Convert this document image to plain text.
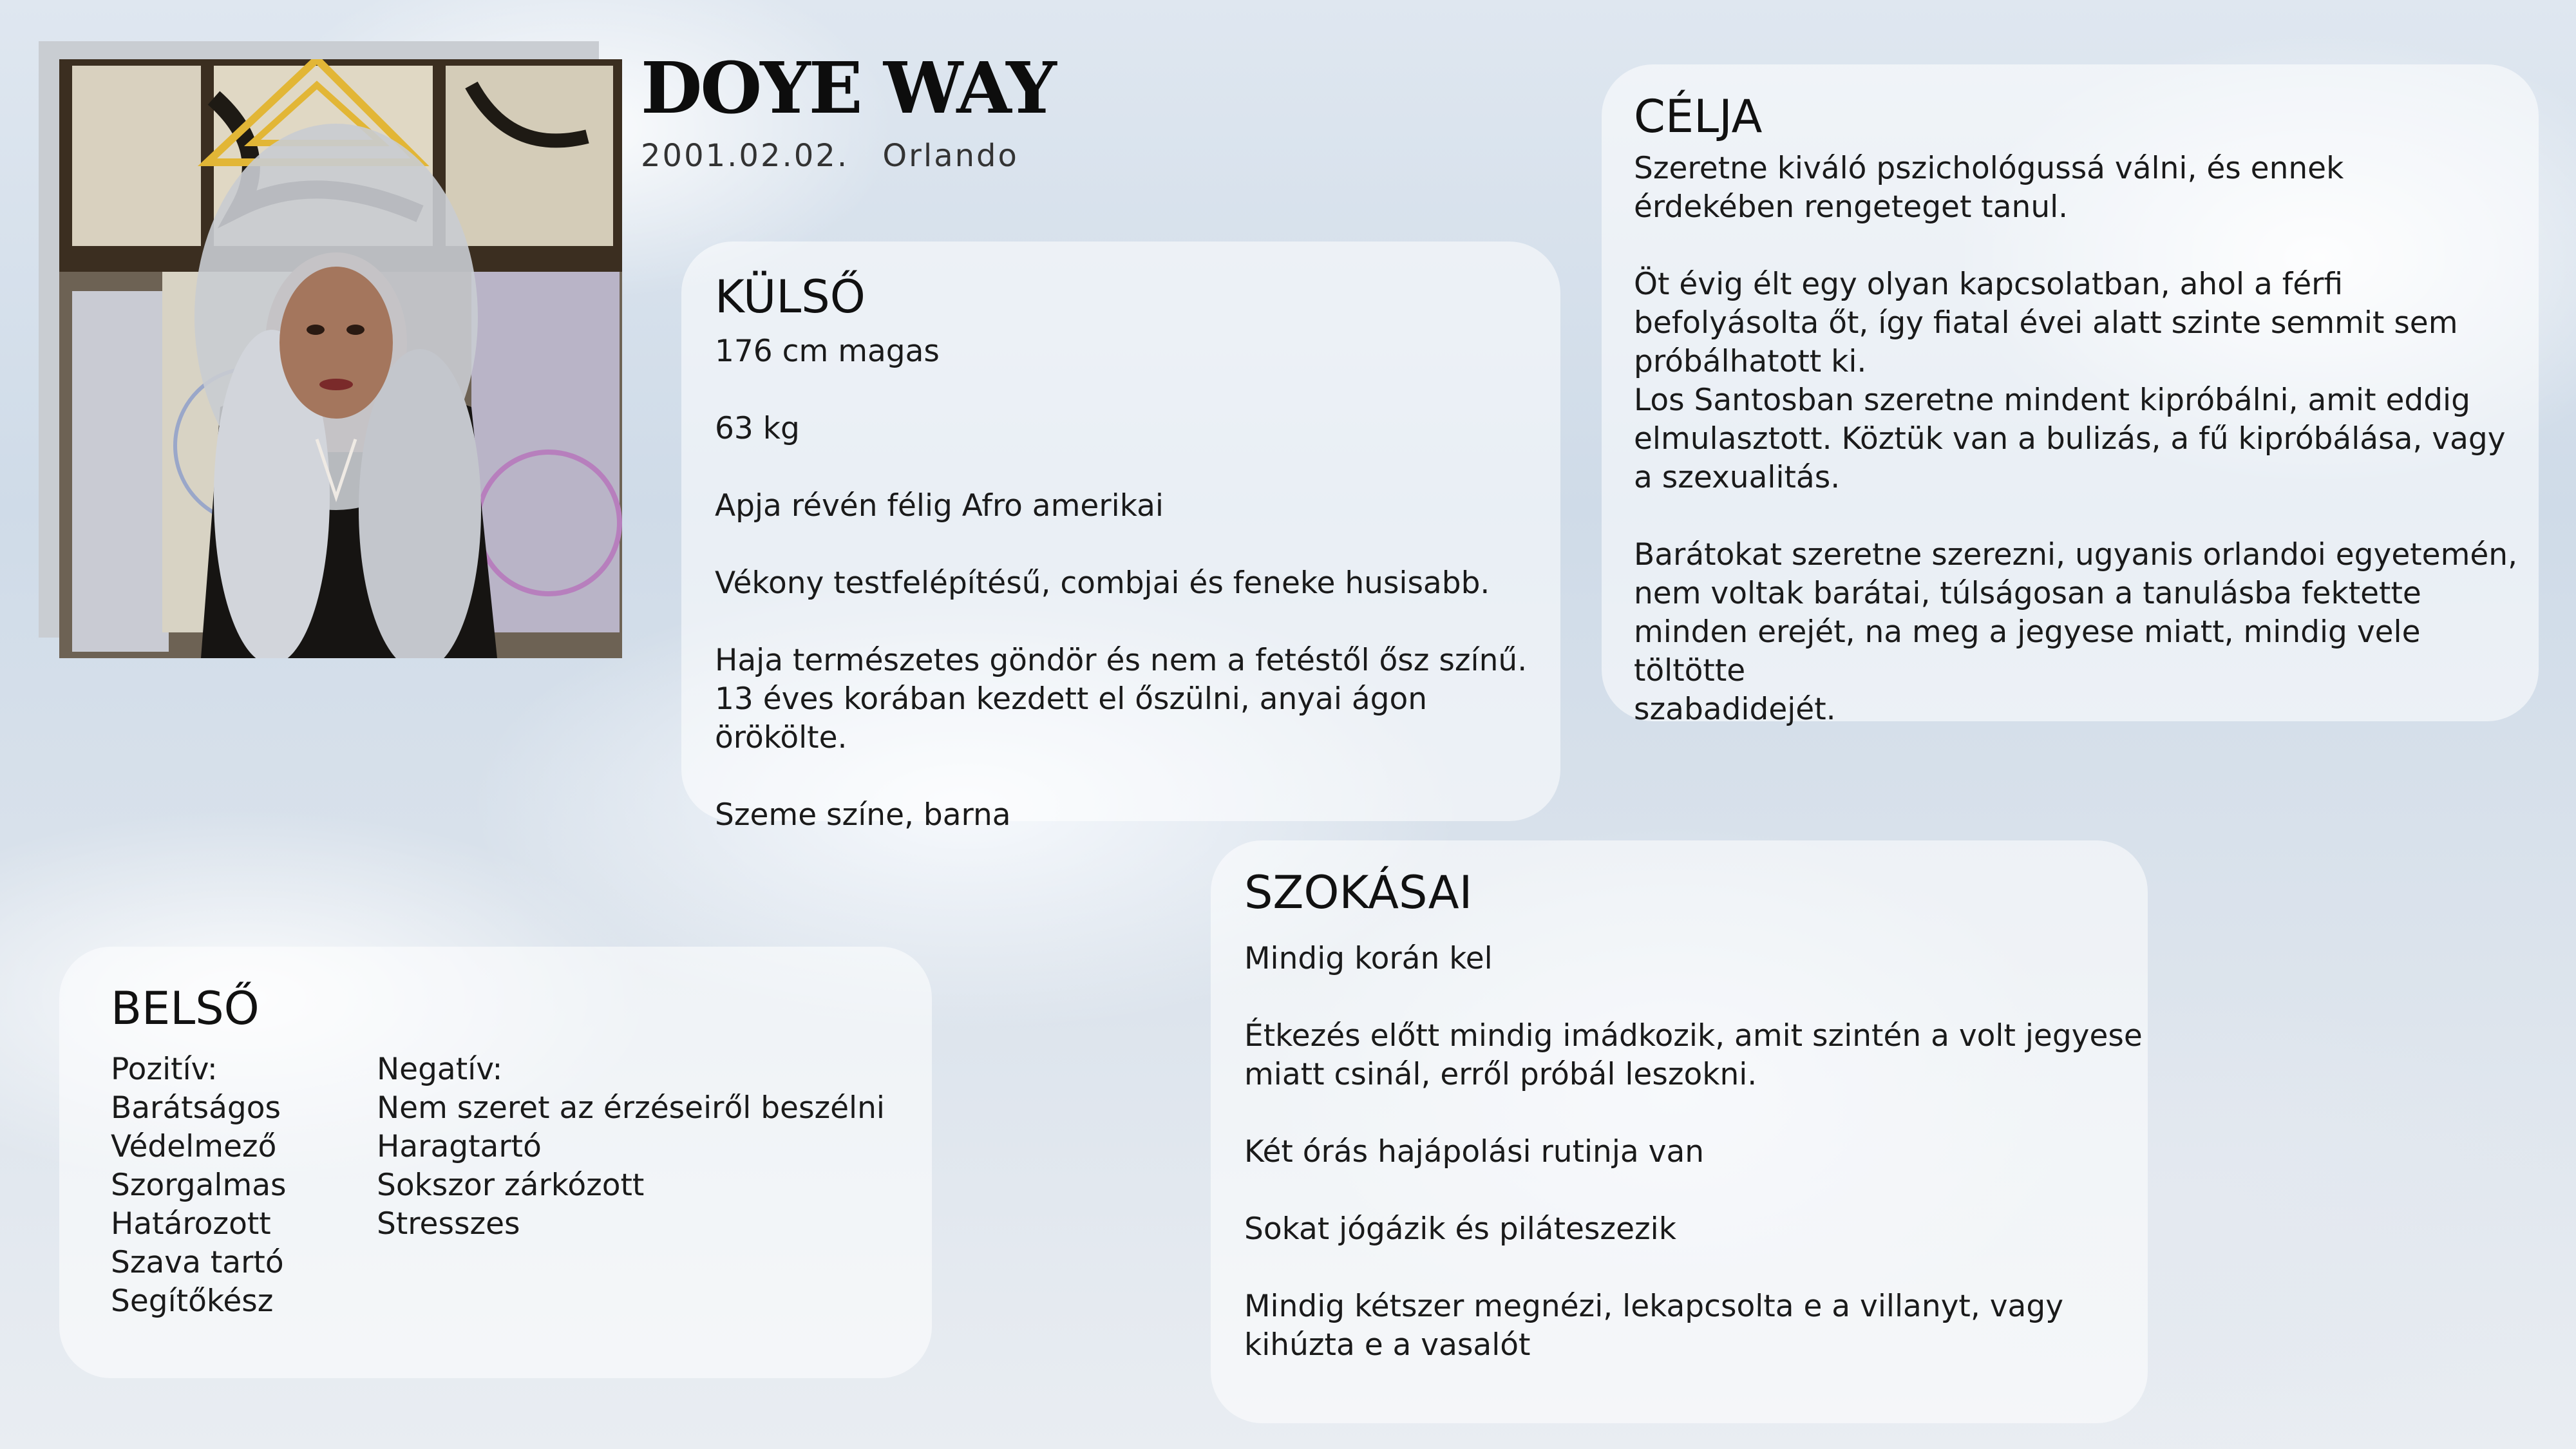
DOYE WAY
2001.02.02. Orlando
KÜLSŐ
176 cm magas

63 kg

Apja révén félig Afro amerikai

Vékony testfelépítésű, combjai és feneke husisabb.

Haja természetes göndör és nem a fetéstől ősz színű.
13 éves korában kezdett el őszülni, anyai ágon örökölte.

Szeme színe, barna
CÉLJA
Szeretne kiváló pszichológussá válni, és ennek
érdekében rengeteget tanul.

Öt évig élt egy olyan kapcsolatban, ahol a férfi
befolyásolta őt, így fiatal évei alatt szinte semmit sem
próbálhatott ki.
Los Santosban szeretne mindent kipróbálni, amit eddig
elmulasztott. Köztük van a bulizás, a fű kipróbálása, vagy
a szexualitás.

Barátokat szeretne szerezni, ugyanis orlandoi egyetemén,
nem voltak barátai, túlságosan a tanulásba fektette
minden erejét, na meg a jegyese miatt, mindig vele töltötte
szabadidejét.
SZOKÁSAI
Mindig korán kel

Étkezés előtt mindig imádkozik, amit szintén a volt jegyese
miatt csinál, erről próbál leszokni.

Két órás hajápolási rutinja van

Sokat jógázik és piláteszezik

Mindig kétszer megnézi, lekapcsolta e a villanyt, vagy
kihúzta e a vasalót
BELSŐ
Pozitív:
Barátságos
Védelmező
Szorgalmas
Határozott
Szava tartó
Segítőkész
Negatív:
Nem szeret az érzéseiről beszélni
Haragtartó
Sokszor zárkózott
Stresszes
